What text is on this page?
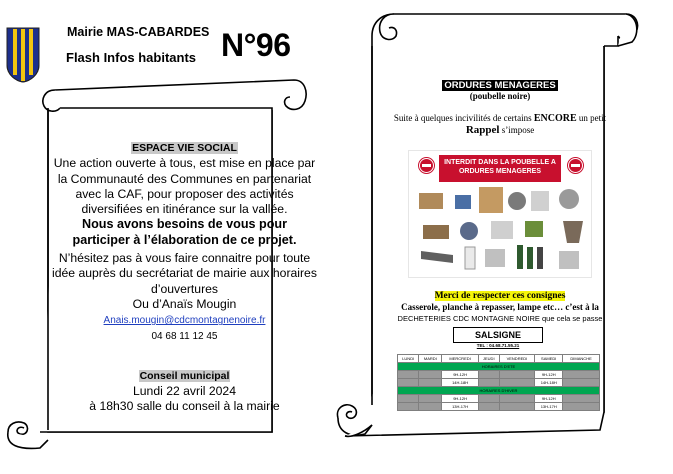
Mairie MAS-CABARDES
Flash Infos habitants N°96
ESPACE VIE SOCIAL
Une action ouverte à tous, est mise en place par la Communauté des Communes en partenariat avec la CAF, pour proposer des activités diversifiées en itinérance sur la vallée.
Nous avons besoins de vous pour participer à l’élaboration de ce projet.
N’hésitez pas à vous faire connaitre pour toute idée auprès du secrétariat de mairie aux horaires d’ouvertures
Ou d’Anaïs Mougin
Anais.mougin@cdcmontagnenoire.fr
04 68 11 12 45
Conseil municipal
Lundi 22 avril 2024
à 18h30 salle du conseil à la mairie
ORDURES MENAGERES
(poubelle noire)
Suite à quelques incivilités de certains ENCORE un petit
Rappel s’impose
INTERDIT DANS LA POUBELLE A ORDURES MENAGERES
Merci de respecter ces consignes
Casserole, planche à repasser, lampe etc… c’est à la
DECHETERIES CDC MONTAGNE NOIRE que cela se passe
SALSIGNE
TEL : 04.68.71.55.21
LUNDI	MARDI	MERCREDI	JEUDI	VENDREDI	SAMEDI	DIMANCHE
HORAIRES D'ETE						
		9H-12H			9H-12H	
		14H-18H			14H-18H	
HORAIRES D'HIVER						
		9H-12H			9H-12H	
		13H-17H			13H-17H	
